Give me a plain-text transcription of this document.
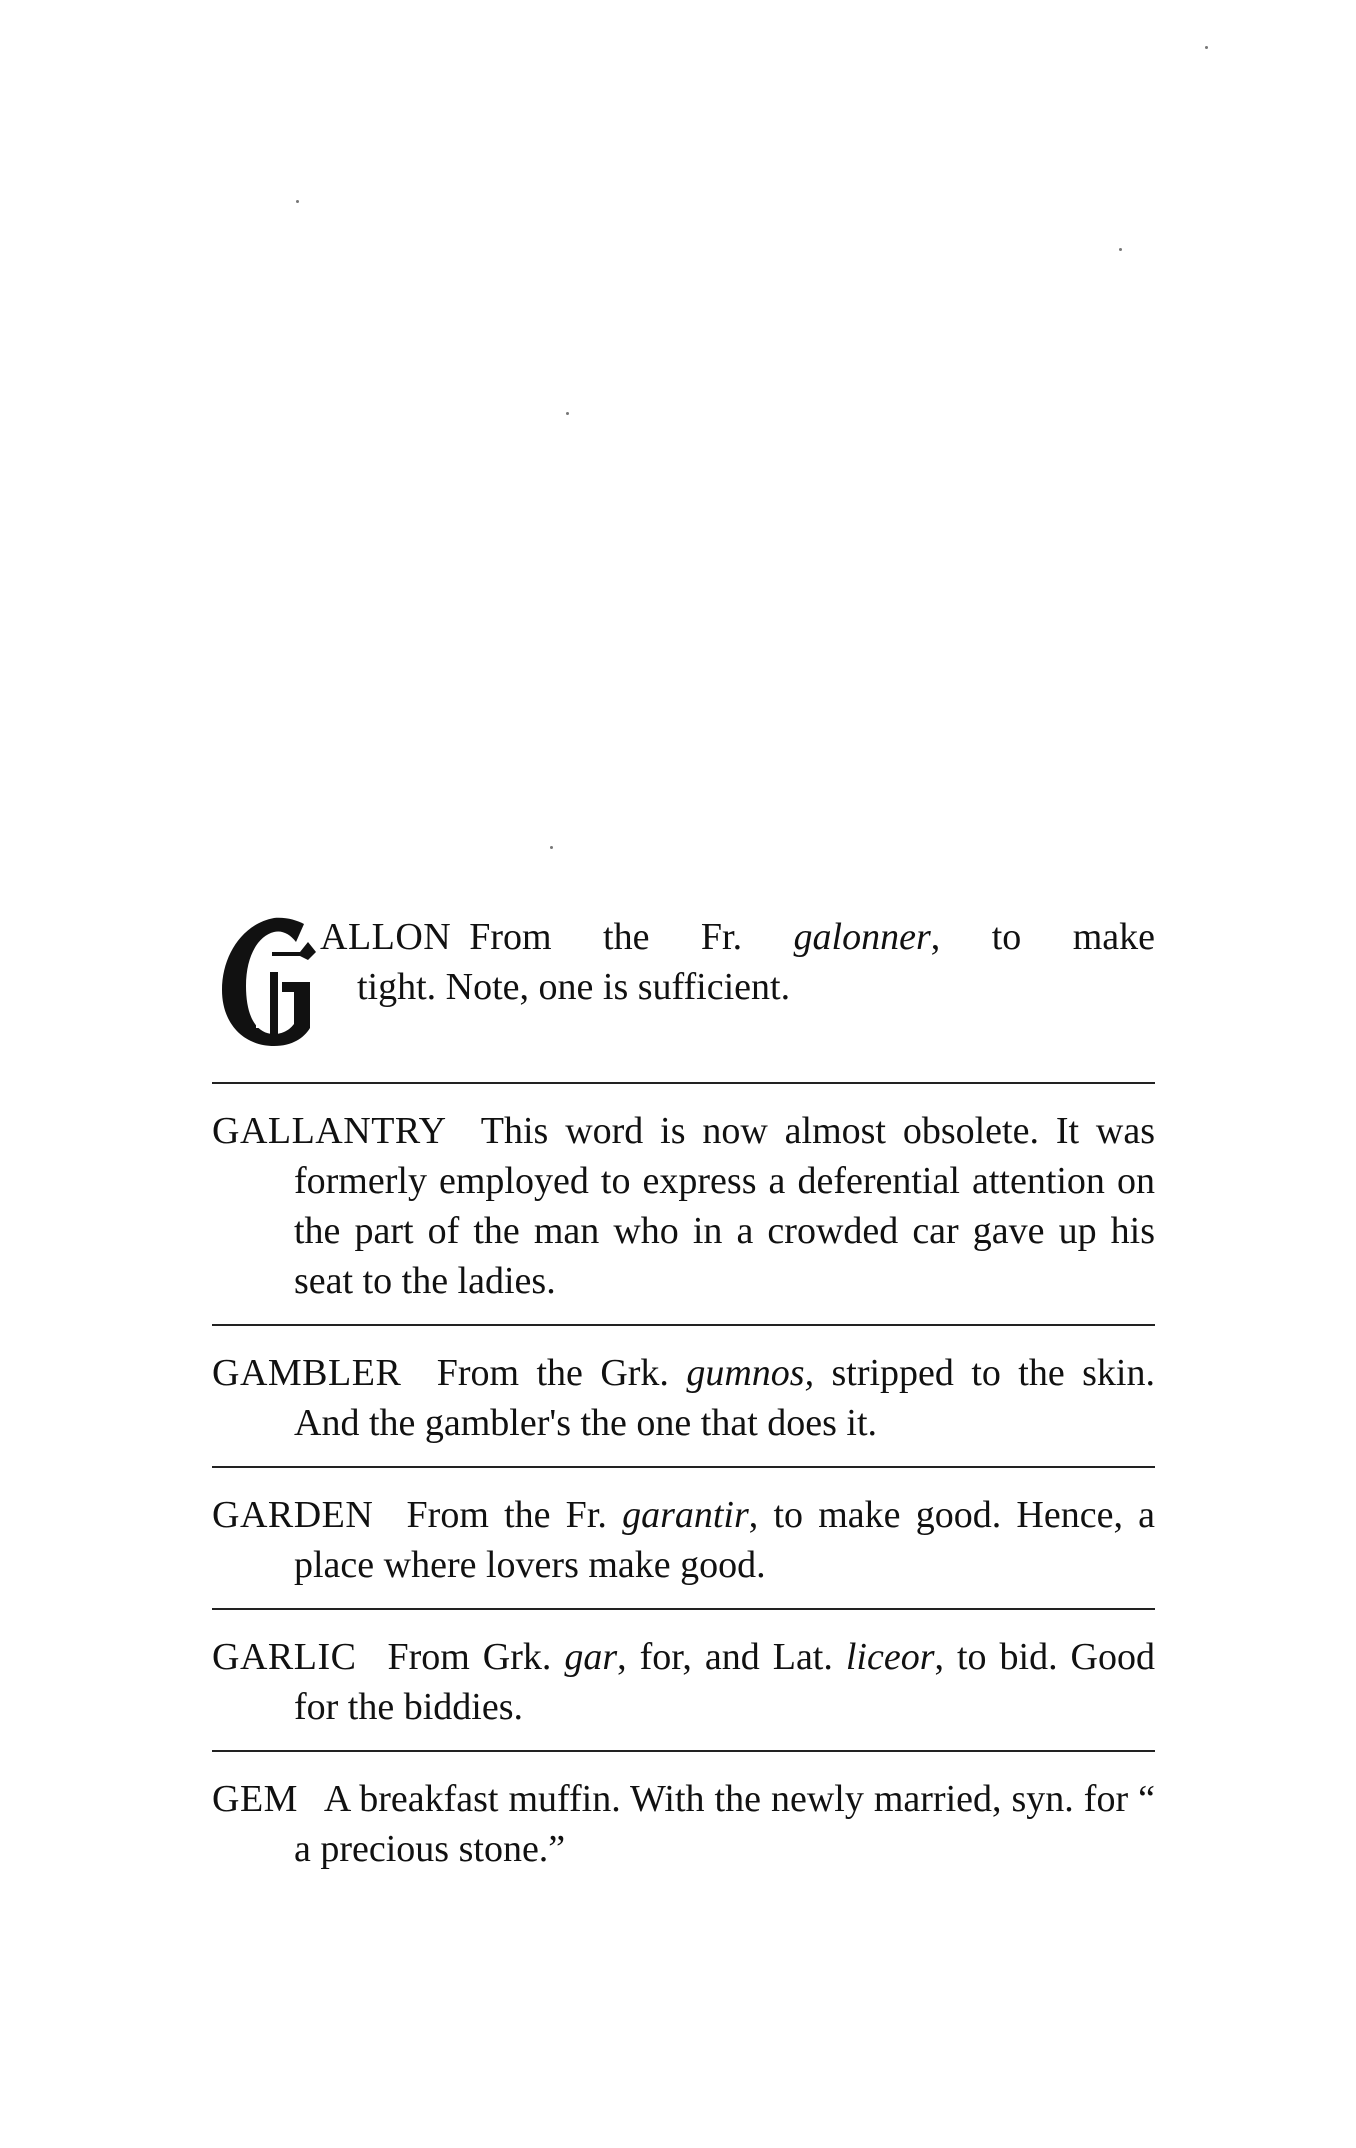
ALLON From the Fr. galonner, to make
tight. Note, one is sufficient.
GALLANTRY This word is now almost obsolete. It was formerly employed to express a deferential attention on the part of the man who in a crowded car gave up his seat to the ladies.
GAMBLER From the Grk. gumnos, stripped to the skin. And the gambler's the one that does it.
GARDEN From the Fr. garantir, to make good. Hence, a place where lovers make good.
GARLIC From Grk. gar, for, and Lat. liceor, to bid. Good for the biddies.
GEM A breakfast muffin. With the newly married, syn. for “ a precious stone.”
